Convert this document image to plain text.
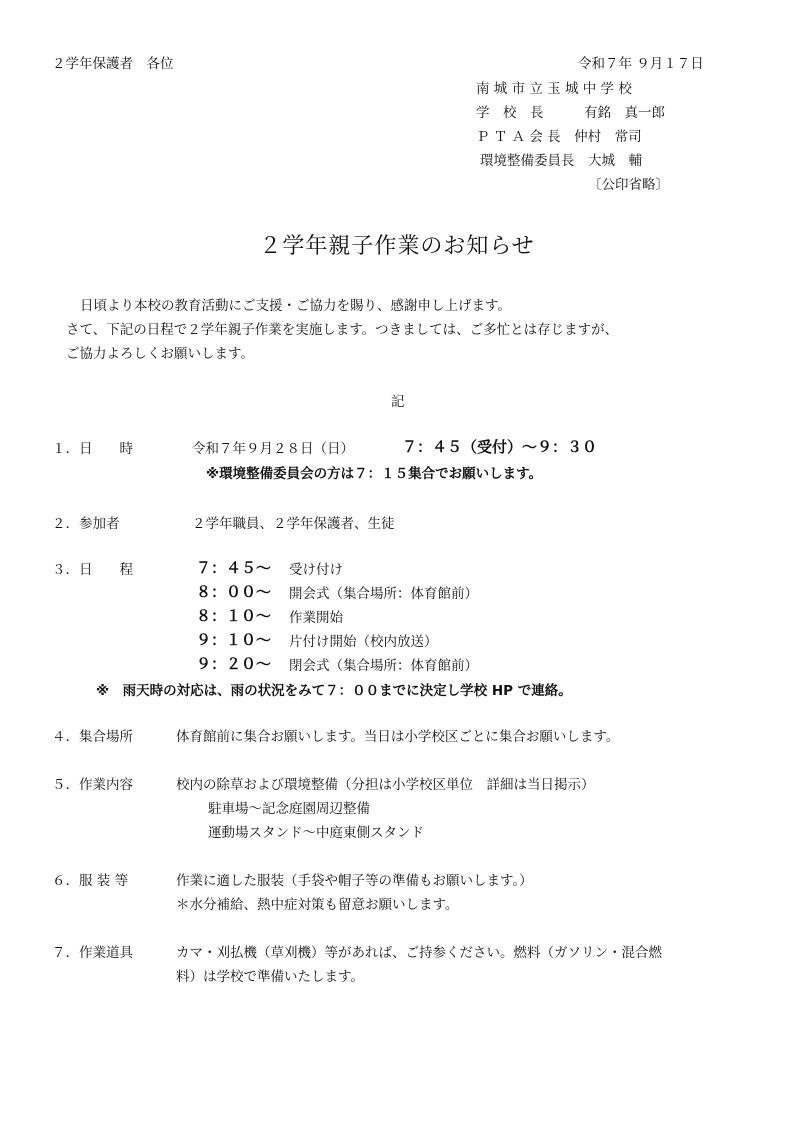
２学年保護者　各位	令和７年 ９月１７日
南 城 市 立 玉 城 中 学 校
学　校　長　　　有銘　真一郎
Ｐ Ｔ Ａ 会 長　仲村　常司
環境整備委員長　大城　輔
〔公印省略〕
２学年親子作業のお知らせ
日頃より本校の教育活動にご支援・ご協力を賜り、感謝申し上げます。
さて、下記の日程で２学年親子作業を実施します。つきましては、ご多忙とは存じますが、
ご協力よろしくお願いします。
記
１．日　　時	令和７年９月２８日（日）	７：４５（受付）～９：３０
※環境整備委員会の方は７：１５集合でお願いします。
２．参加者	２学年職員、２学年保護者、生徒
３．日　　程	７：４５～ 受け付け
８：００～ 開会式（集合場所：体育館前）
８：１０～ 作業開始
９：１０～ 片付け開始（校内放送）
９：２０～ 閉会式（集合場所：体育館前）
※　雨天時の対応は、雨の状況をみて７：００までに決定し学校 HP で連絡。
４．集合場所	体育館前に集合お願いします。当日は小学校区ごとに集合お願いします。
５．作業内容	校内の除草および環境整備（分担は小学校区単位　詳細は当日掲示）
駐車場～記念庭園周辺整備
運動場スタンド～中庭東側スタンド
６．服 装 等	作業に適した服装（手袋や帽子等の準備もお願いします。）
＊水分補給、熱中症対策も留意お願いします。
７．作業道具	カマ・刈払機（草刈機）等があれば、ご持参ください。燃料（ガソリン・混合燃
料）は学校で準備いたします。
